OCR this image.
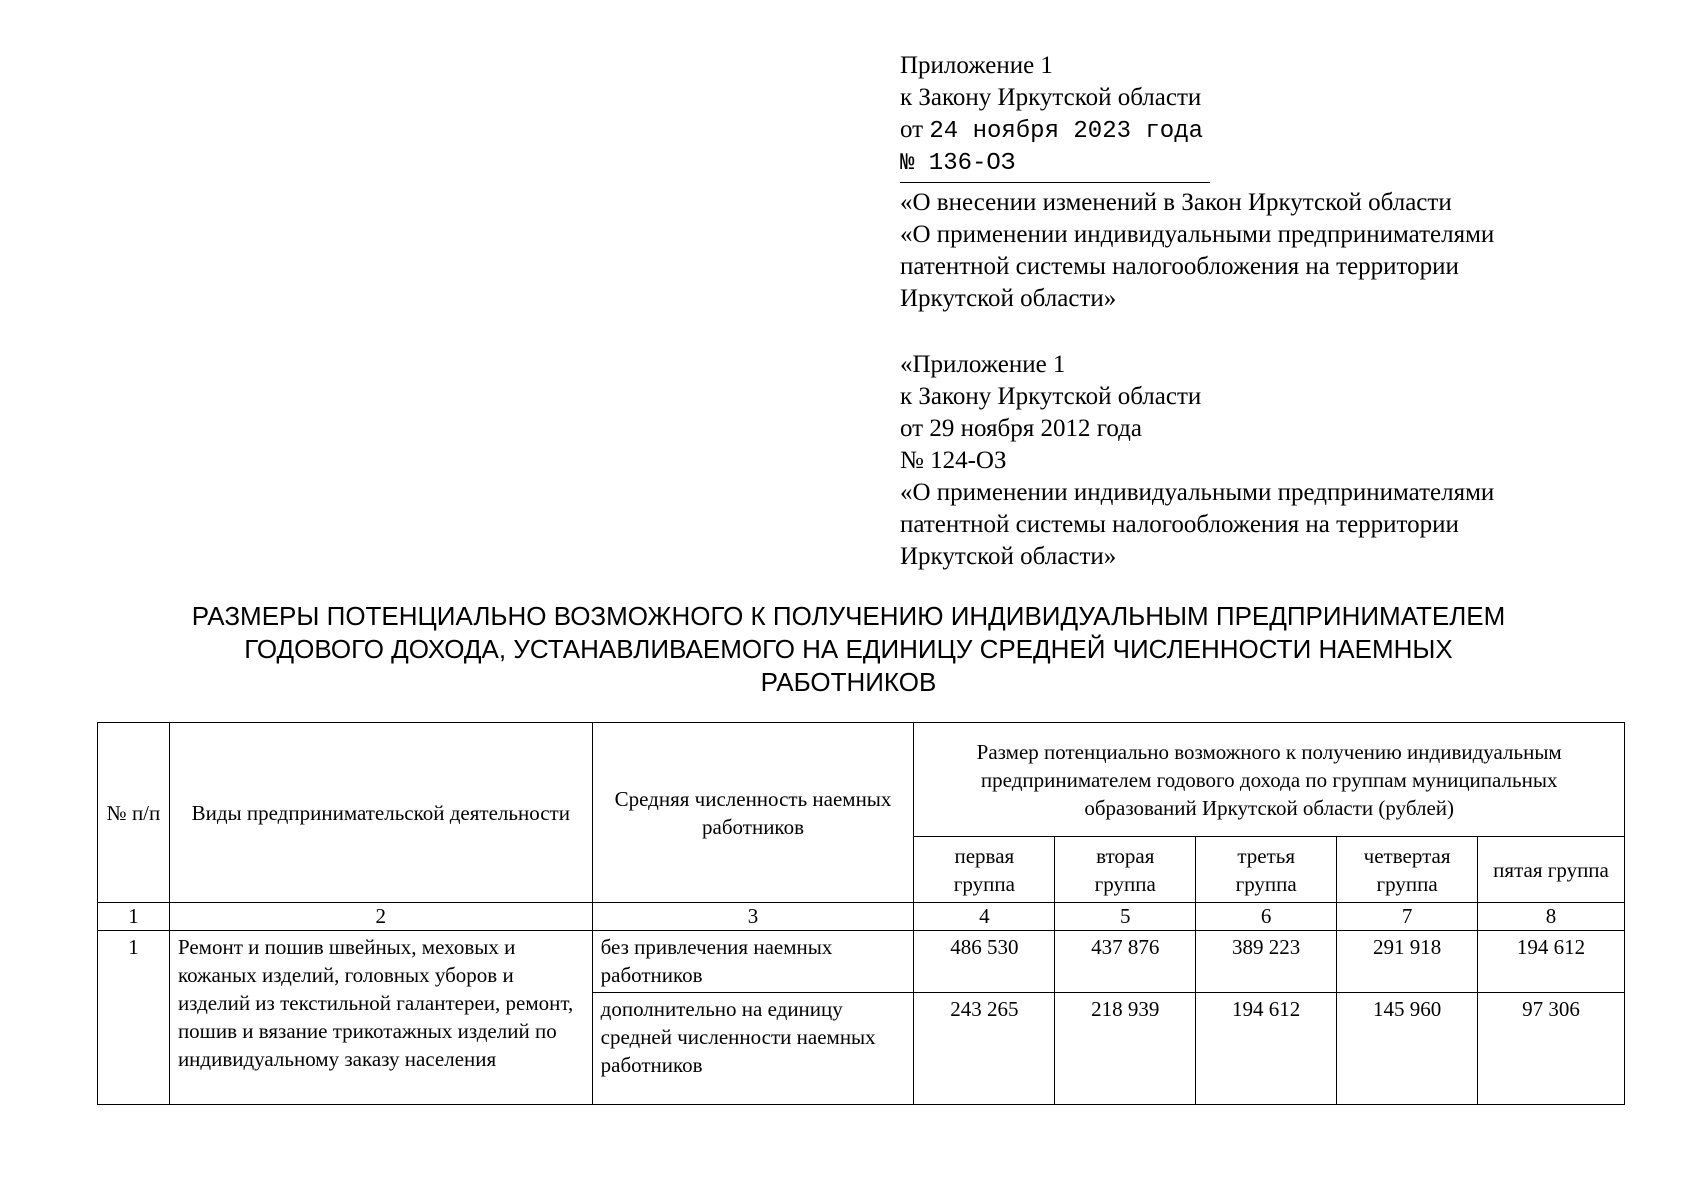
Приложение 1
к Закону Иркутской области
от 24 ноября 2023 года
№ 136-ОЗ
«О внесении изменений в Закон Иркутской области
«О применении индивидуальными предпринимателями
патентной системы налогообложения на территории
Иркутской области»
«Приложение 1
к Закону Иркутской области
от 29 ноября 2012 года
№ 124-ОЗ
«О применении индивидуальными предпринимателями
патентной системы налогообложения на территории
Иркутской области»
РАЗМЕРЫ ПОТЕНЦИАЛЬНО ВОЗМОЖНОГО К ПОЛУЧЕНИЮ ИНДИВИДУАЛЬНЫМ ПРЕДПРИНИМАТЕЛЕМ
ГОДОВОГО ДОХОДА, УСТАНАВЛИВАЕМОГО НА ЕДИНИЦУ СРЕДНЕЙ ЧИСЛЕННОСТИ НАЕМНЫХ
РАБОТНИКОВ
№ п/п	Виды предпринимательской деятельности	Средняя численность наемных работников	Размер потенциально возможного к получению индивидуальным предпринимателем годового дохода по группам муниципальных образований Иркутской области (рублей)				
			первая группа	вторая группа	третья группа	четвертая группа	пятая группа
1	2	3	4	5	6	7	8
1	Ремонт и пошив швейных, меховых и кожаных изделий, головных уборов и изделий из текстильной галантереи, ремонт, пошив и вязание трикотажных изделий по индивидуальному заказу населения	без привлечения наемных работников	486 530	437 876	389 223	291 918	194 612
		дополнительно на единицу средней численности наемных работников	243 265	218 939	194 612	145 960	97 306
